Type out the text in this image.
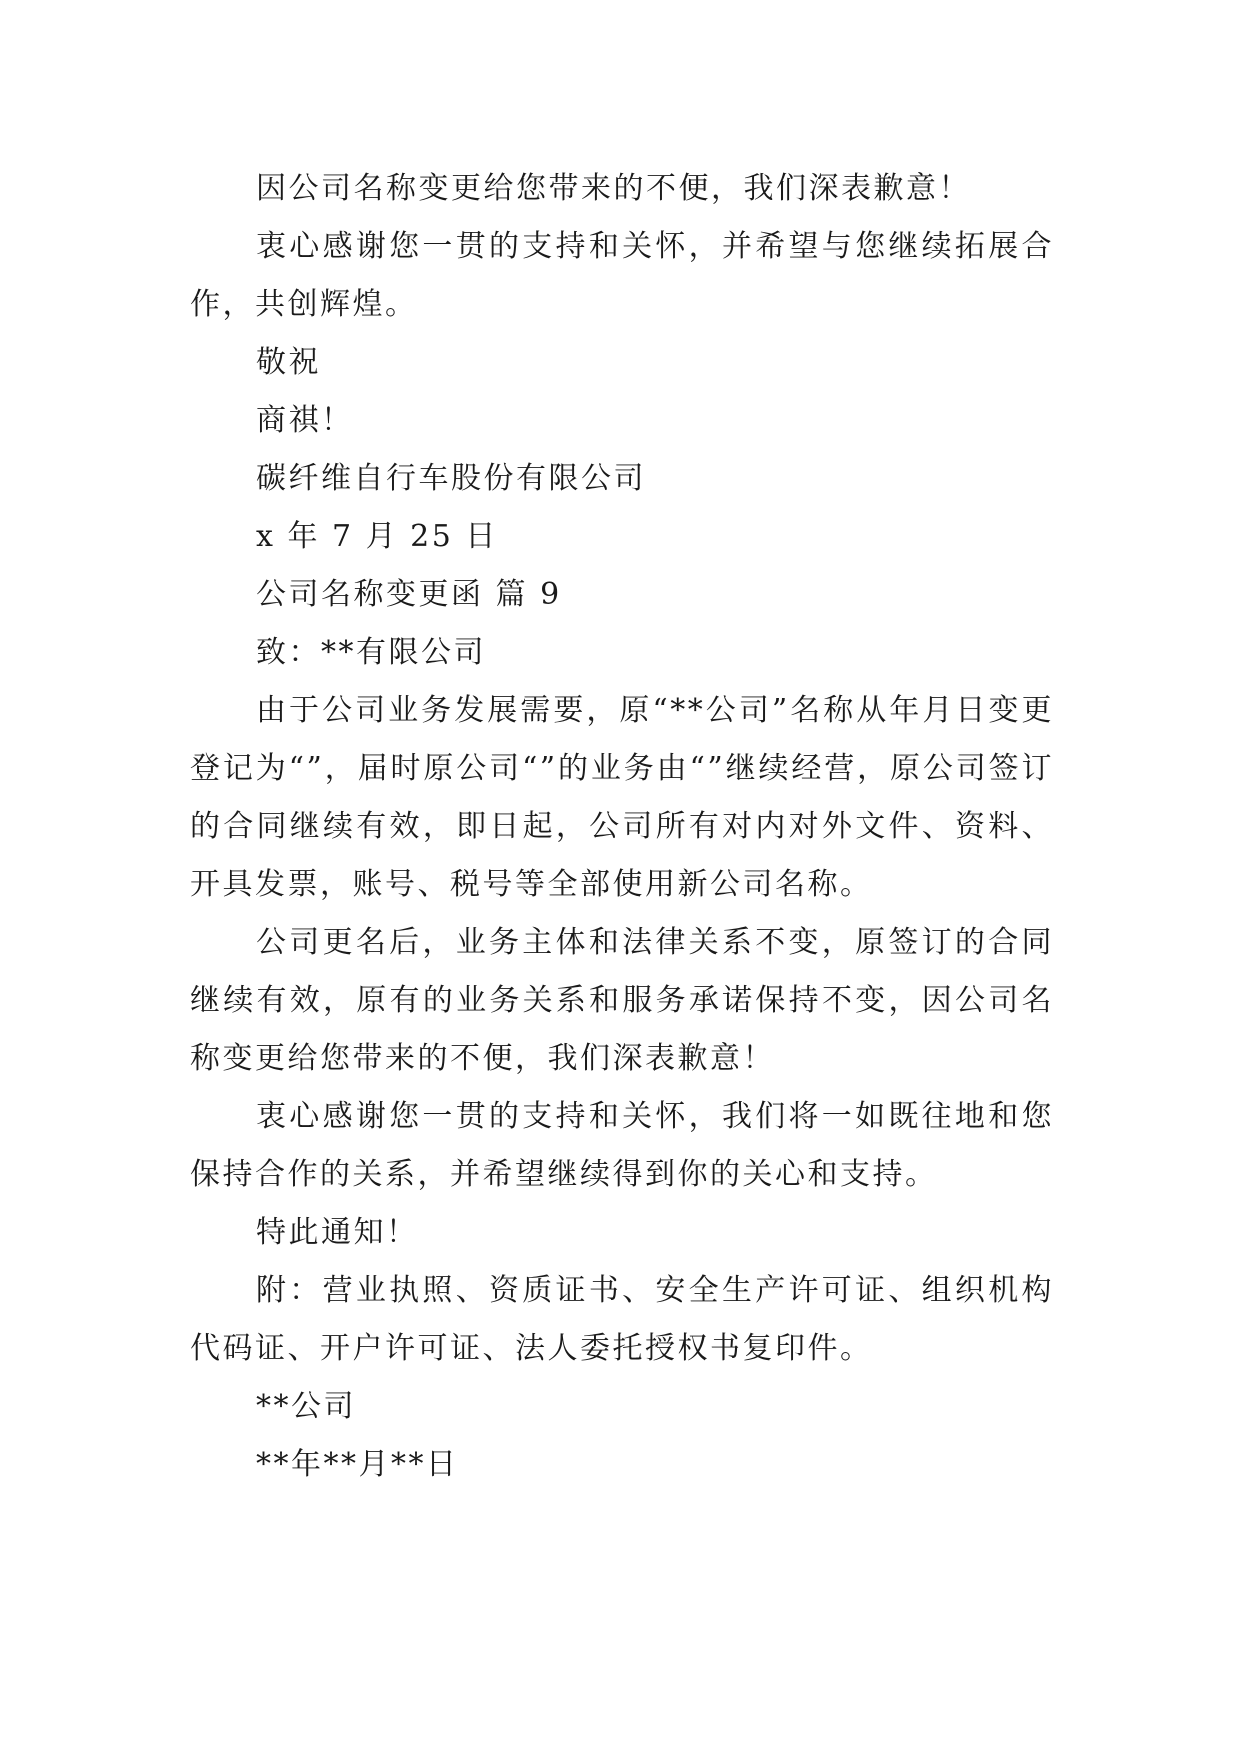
因公司名称变更给您带来的不便，我们深表歉意！

衷心感谢您一贯的支持和关怀，并希望与您继续拓展合作，共创辉煌。

敬祝

商祺！

碳纤维自行车股份有限公司

x 年 7 月 25 日

公司名称变更函 篇 9

致：**有限公司

由于公司业务发展需要，原“**公司”名称从年月日变更登记为“”，届时原公司“”的业务由“”继续经营，原公司签订的合同继续有效，即日起，公司所有对内对外文件、资料、开具发票，账号、税号等全部使用新公司名称。

公司更名后，业务主体和法律关系不变，原签订的合同继续有效，原有的业务关系和服务承诺保持不变，因公司名称变更给您带来的不便，我们深表歉意！

衷心感谢您一贯的支持和关怀，我们将一如既往地和您保持合作的关系，并希望继续得到你的关心和支持。

特此通知！

附：营业执照、资质证书、安全生产许可证、组织机构代码证、开户许可证、法人委托授权书复印件。

**公司

**年**月**日
